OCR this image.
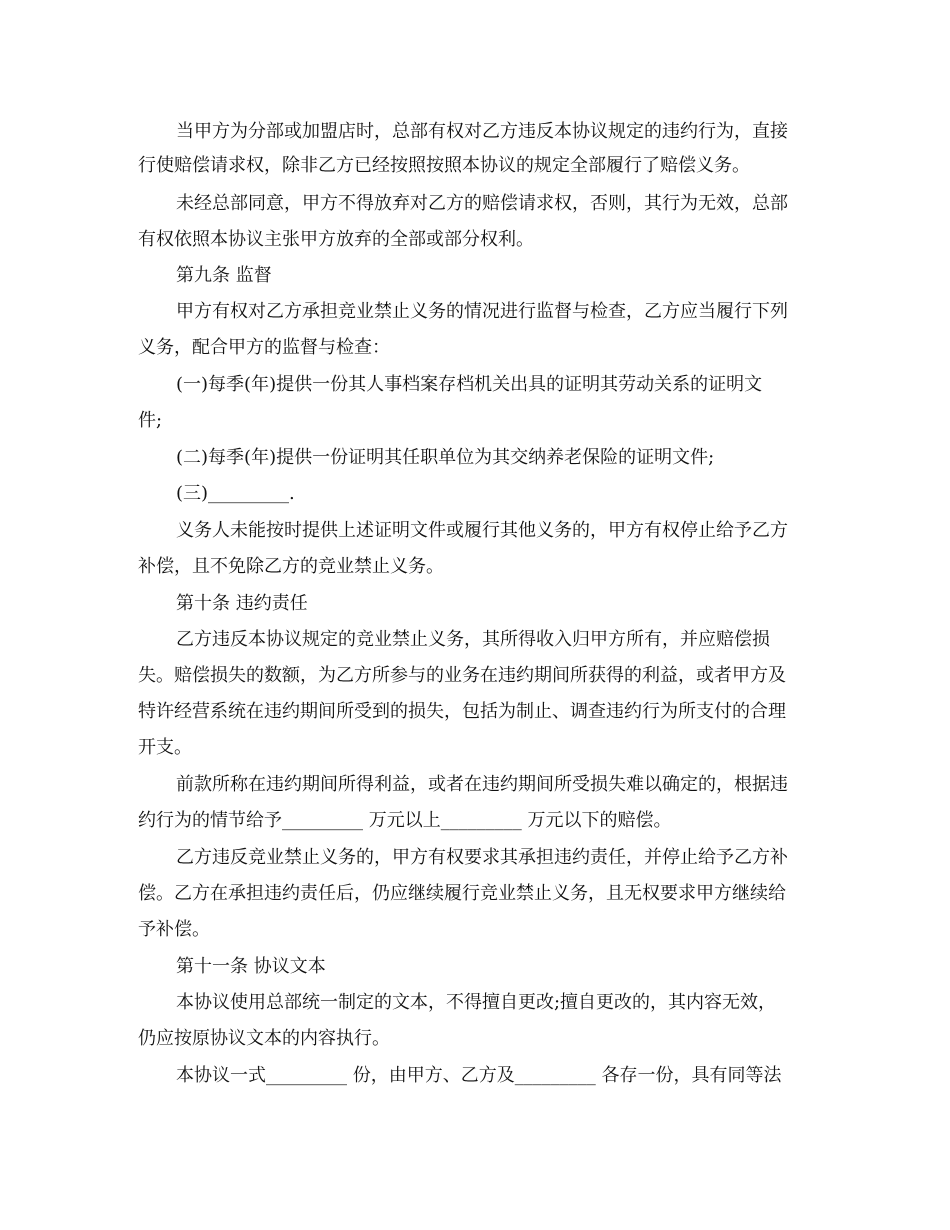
当甲方为分部或加盟店时，总部有权对乙方违反本协议规定的违约行为，直接

行使赔偿请求权，除非乙方已经按照按照本协议的规定全部履行了赔偿义务。

未经总部同意，甲方不得放弃对乙方的赔偿请求权，否则，其行为无效，总部

有权依照本协议主张甲方放弃的全部或部分权利。

第九条 监督

甲方有权对乙方承担竞业禁止义务的情况进行监督与检查，乙方应当履行下列

义务，配合甲方的监督与检查：

(一)每季(年)提供一份其人事档案存档机关出具的证明其劳动关系的证明文

件;

(二)每季(年)提供一份证明其任职单位为其交纳养老保险的证明文件;

(三)_________.

义务人未能按时提供上述证明文件或履行其他义务的，甲方有权停止给予乙方

补偿，且不免除乙方的竞业禁止义务。

第十条 违约责任

乙方违反本协议规定的竞业禁止义务，其所得收入归甲方所有，并应赔偿损

失。赔偿损失的数额，为乙方所参与的业务在违约期间所获得的利益，或者甲方及

特许经营系统在违约期间所受到的损失，包括为制止、调查违约行为所支付的合理

开支。

前款所称在违约期间所得利益，或者在违约期间所受损失难以确定的，根据违

约行为的情节给予_________ 万元以上_________ 万元以下的赔偿。

乙方违反竞业禁止义务的，甲方有权要求其承担违约责任，并停止给予乙方补

偿。乙方在承担违约责任后，仍应继续履行竞业禁止义务，且无权要求甲方继续给

予补偿。

第十一条 协议文本

本协议使用总部统一制定的文本，不得擅自更改;擅自更改的，其内容无效，

仍应按原协议文本的内容执行。

本协议一式_________ 份，由甲方、乙方及_________ 各存一份，具有同等法
